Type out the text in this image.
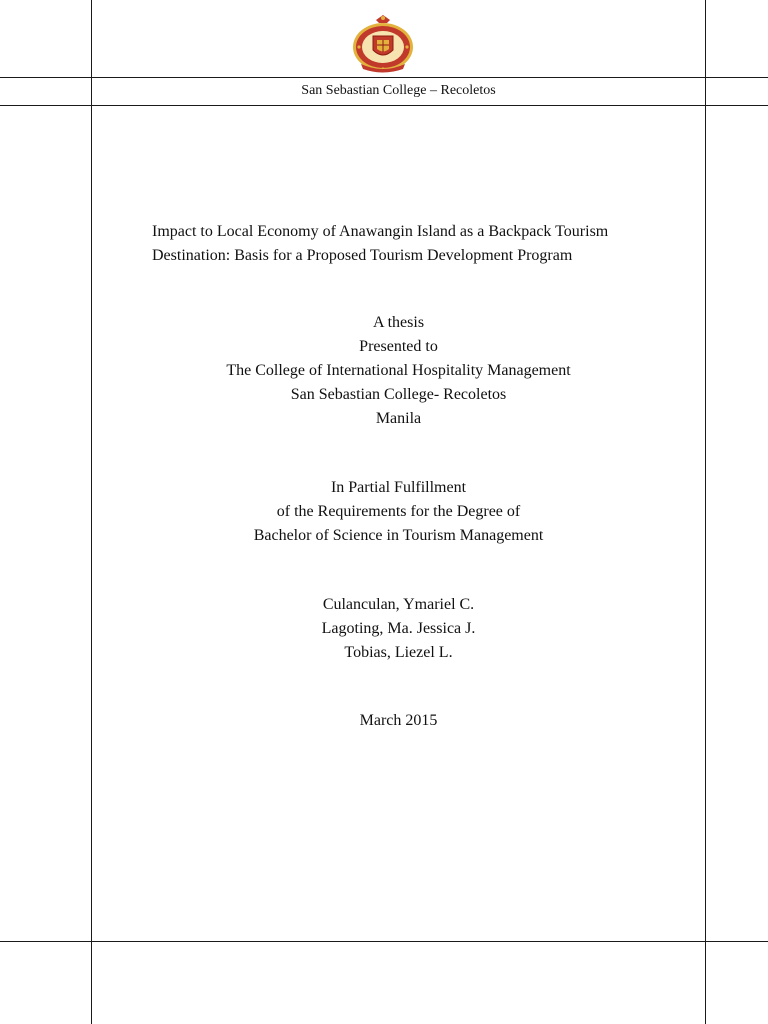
San Sebastian College – Recoletos
Impact to Local Economy of Anawangin Island as a Backpack Tourism
Destination: Basis for a Proposed Tourism Development Program
A thesis
Presented to
The College of International Hospitality Management
San Sebastian College- Recoletos
Manila
In Partial Fulfillment
of the Requirements for the Degree of
Bachelor of Science in Tourism Management
Culanculan, Ymariel C.
Lagoting, Ma. Jessica J.
Tobias, Liezel L.
March 2015
